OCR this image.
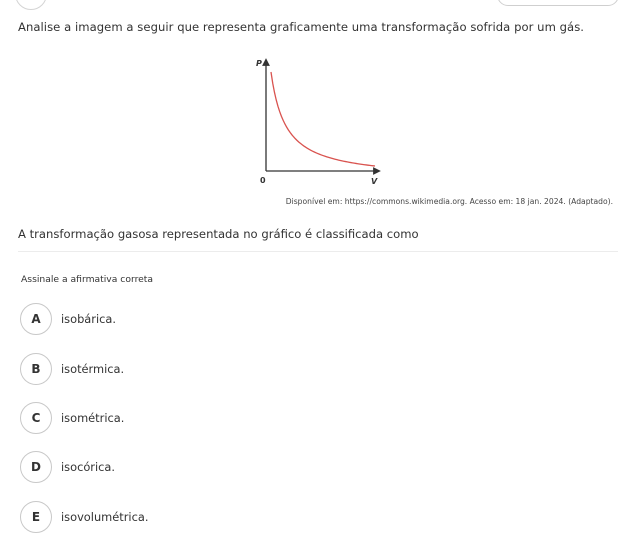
Analise a imagem a seguir que representa graficamente uma transformação sofrida por um gás.
P
V
0
Disponível em: https://commons.wikimedia.org. Acesso em: 18 jan. 2024. (Adaptado).
A transformação gasosa representada no gráfico é classificada como
Assinale a afirmativa correta
A	isobárica.
B	isotérmica.
C	isométrica.
D	isocórica.
E	isovolumétrica.
